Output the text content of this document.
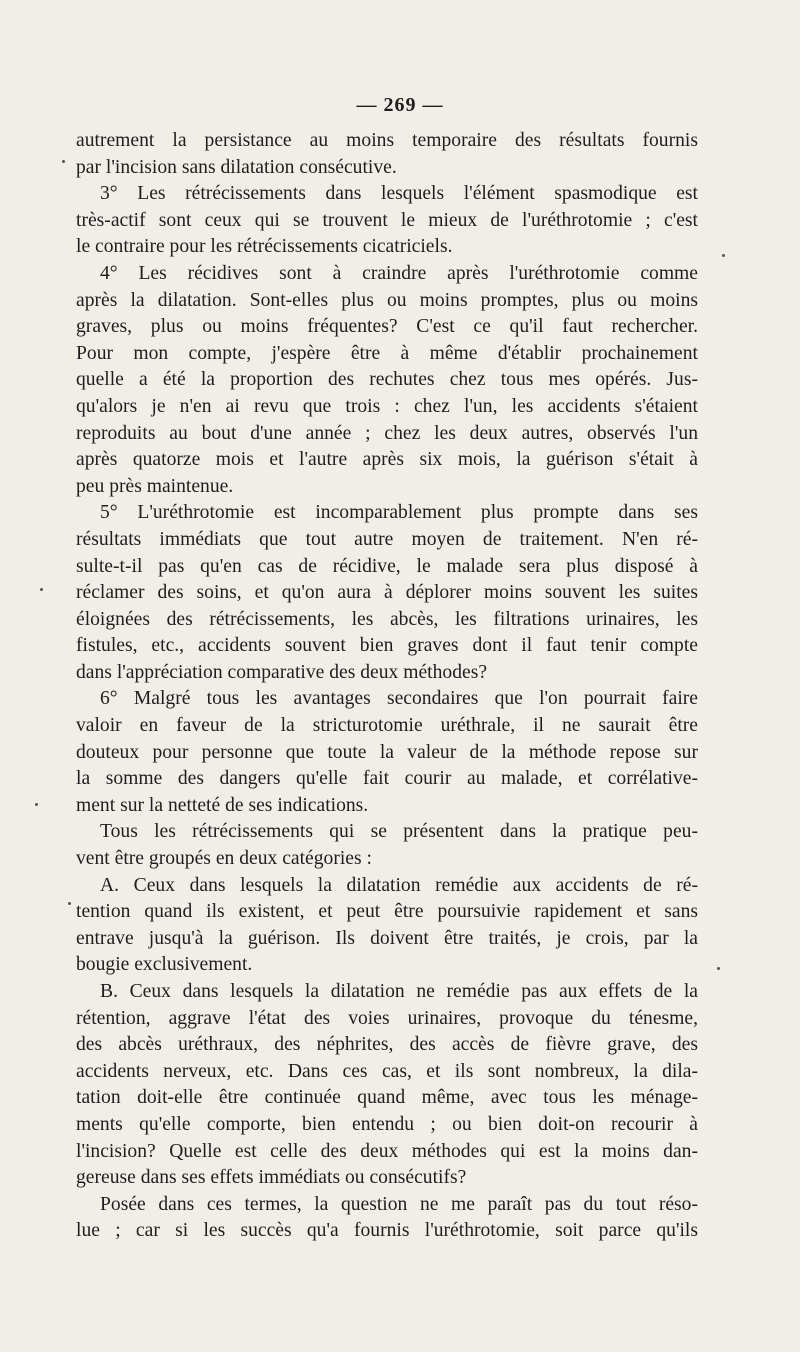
— 269 —
autrement la persistance au moins temporaire des résultats fournis
par l'incision sans dilatation consécutive.
3° Les rétrécissements dans lesquels l'élément spasmodique est
très-actif sont ceux qui se trouvent le mieux de l'uréthrotomie ; c'est
le contraire pour les rétrécissements cicatriciels.
4° Les récidives sont à craindre après l'uréthrotomie comme
après la dilatation. Sont-elles plus ou moins promptes, plus ou moins
graves, plus ou moins fréquentes? C'est ce qu'il faut rechercher.
Pour mon compte, j'espère être à même d'établir prochainement
quelle a été la proportion des rechutes chez tous mes opérés. Jus-
qu'alors je n'en ai revu que trois : chez l'un, les accidents s'étaient
reproduits au bout d'une année ; chez les deux autres, observés l'un
après quatorze mois et l'autre après six mois, la guérison s'était à
peu près maintenue.
5° L'uréthrotomie est incomparablement plus prompte dans ses
résultats immédiats que tout autre moyen de traitement. N'en ré-
sulte-t-il pas qu'en cas de récidive, le malade sera plus disposé à
réclamer des soins, et qu'on aura à déplorer moins souvent les suites
éloignées des rétrécissements, les abcès, les filtrations urinaires, les
fistules, etc., accidents souvent bien graves dont il faut tenir compte
dans l'appréciation comparative des deux méthodes?
6° Malgré tous les avantages secondaires que l'on pourrait faire
valoir en faveur de la stricturotomie uréthrale, il ne saurait être
douteux pour personne que toute la valeur de la méthode repose sur
la somme des dangers qu'elle fait courir au malade, et corrélative-
ment sur la netteté de ses indications.
Tous les rétrécissements qui se présentent dans la pratique peu-
vent être groupés en deux catégories :
A. Ceux dans lesquels la dilatation remédie aux accidents de ré-
tention quand ils existent, et peut être poursuivie rapidement et sans
entrave jusqu'à la guérison. Ils doivent être traités, je crois, par la
bougie exclusivement.
B. Ceux dans lesquels la dilatation ne remédie pas aux effets de la
rétention, aggrave l'état des voies urinaires, provoque du ténesme,
des abcès uréthraux, des néphrites, des accès de fièvre grave, des
accidents nerveux, etc. Dans ces cas, et ils sont nombreux, la dila-
tation doit-elle être continuée quand même, avec tous les ménage-
ments qu'elle comporte, bien entendu ; ou bien doit-on recourir à
l'incision? Quelle est celle des deux méthodes qui est la moins dan-
gereuse dans ses effets immédiats ou consécutifs?
Posée dans ces termes, la question ne me paraît pas du tout réso-
lue ; car si les succès qu'a fournis l'uréthrotomie, soit parce qu'ils
